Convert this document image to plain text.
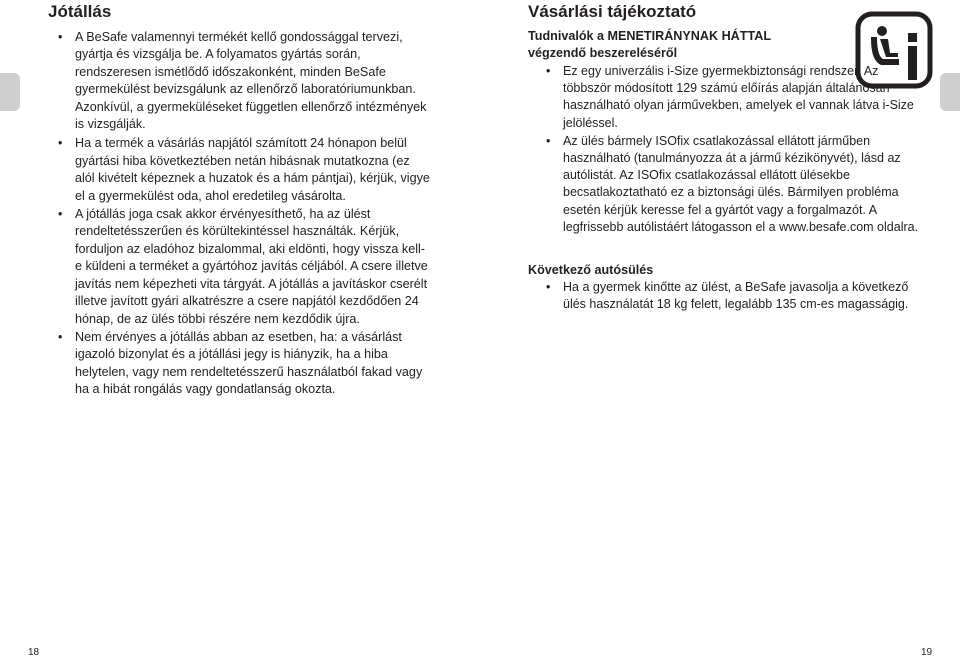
Jótállás
• A BeSafe valamennyi termékét kellő gondossággal tervezi, gyártja és vizsgálja be. A folyamatos gyártás során, rendszeresen ismétlődő időszakonként, minden BeSafe gyermekülést bevizsgálunk az ellenőrző laboratóriumunkban. Azonkívül, a gyermeküléseket független ellenőrző intézmények is vizsgálják.
• Ha a termék a vásárlás napjától számított 24 hónapon belül gyártási hiba következtében netán hibásnak mutatkozna (ez alól kivételt képeznek a huzatok és a hám pántjai), kérjük, vigye el a gyermekülést oda, ahol eredetileg vásárolta.
• A jótállás joga csak akkor érvényesíthető, ha az ülést rendeltetésszerűen és körültekintéssel használták. Kérjük, forduljon az eladóhoz bizalommal, aki eldönti, hogy vissza kell-e küldeni a terméket a gyártóhoz javítás céljából. A csere illetve javítás nem képezheti vita tárgyát. A jótállás a javításkor cserélt illetve javított gyári alkatrészre a csere napjától kezdődően 24 hónap, de az ülés többi részére nem kezdődik újra.
• Nem érvényes a jótállás abban az esetben, ha: a vásárlást igazoló bizonylat és a jótállási jegy is hiányzik, ha a hiba helytelen, vagy nem rendeltetésszerű használatból fakad vagy ha a hibát rongálás vagy gondatlanság okozta.
Vásárlási tájékoztató
Tudnivalók a MENETIRÁNYNAK HÁTTAL végzendő beszereléséről
• Ez egy univerzális i-Size gyermekbiztonsági rendszer. Az többször módosított 129 számú előírás alapján általánosan használható olyan járművekben, amelyek el vannak látva i-Size jelöléssel.
• Az ülés bármely ISOfix csatlakozással ellátott járműben használható (tanulmányozza át a jármű kézikönyvét), lásd az autólistát. Az ISOfix csatlakozással ellátott ülésekbe becsatlakoztatható ez a biztonsági ülés. Bármilyen probléma esetén kérjük keresse fel a gyártót vagy a forgalmazót. A legfrissebb autólistáért látogasson el a www.besafe.com oldalra.
Következő autósülés
• Ha a gyermek kinőtte az ülést, a BeSafe javasolja a következő ülés használatát 18 kg felett, legalább 135 cm-es magasságig.
18	19
